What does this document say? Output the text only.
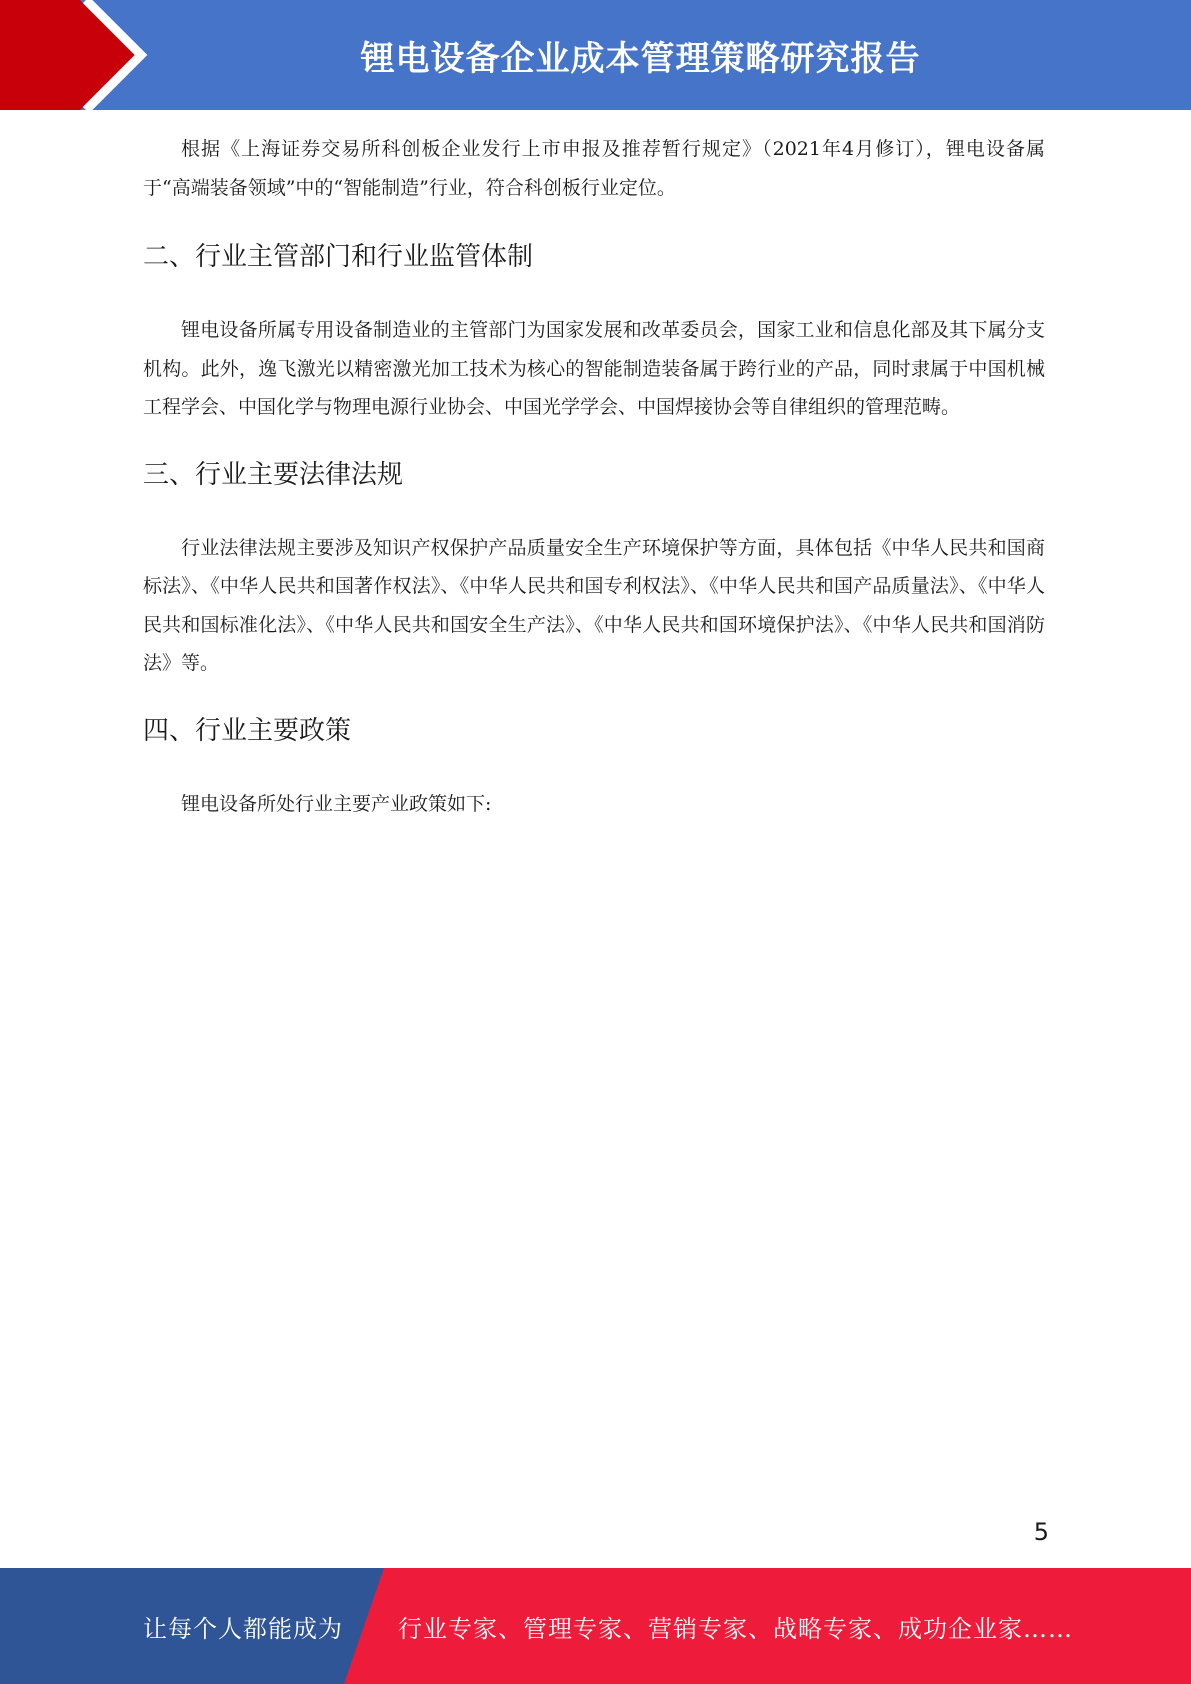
锂电设备企业成本管理策略研究报告

根据《上海证券交易所科创板企业发行上市申报及推荐暂行规定》（2021年4月修订），锂电设备属于“高端装备领域”中的“智能制造”行业，符合科创板行业定位。

二、行业主管部门和行业监管体制

锂电设备所属专用设备制造业的主管部门为国家发展和改革委员会，国家工业和信息化部及其下属分支机构。此外，逸飞激光以精密激光加工技术为核心的智能制造装备属于跨行业的产品，同时隶属于中国机械工程学会、中国化学与物理电源行业协会、中国光学学会、中国焊接协会等自律组织的管理范畴。

三、行业主要法律法规

行业法律法规主要涉及知识产权保护产品质量安全生产环境保护等方面，具体包括《中华人民共和国商标法》、《中华人民共和国著作权法》、《中华人民共和国专利权法》、《中华人民共和国产品质量法》、《中华人民共和国标准化法》、《中华人民共和国安全生产法》、《中华人民共和国环境保护法》、《中华人民共和国消防法》等。

四、行业主要政策

锂电设备所处行业主要产业政策如下:

5
让每个人都能成为 行业专家、管理专家、营销专家、战略专家、成功企业家……
